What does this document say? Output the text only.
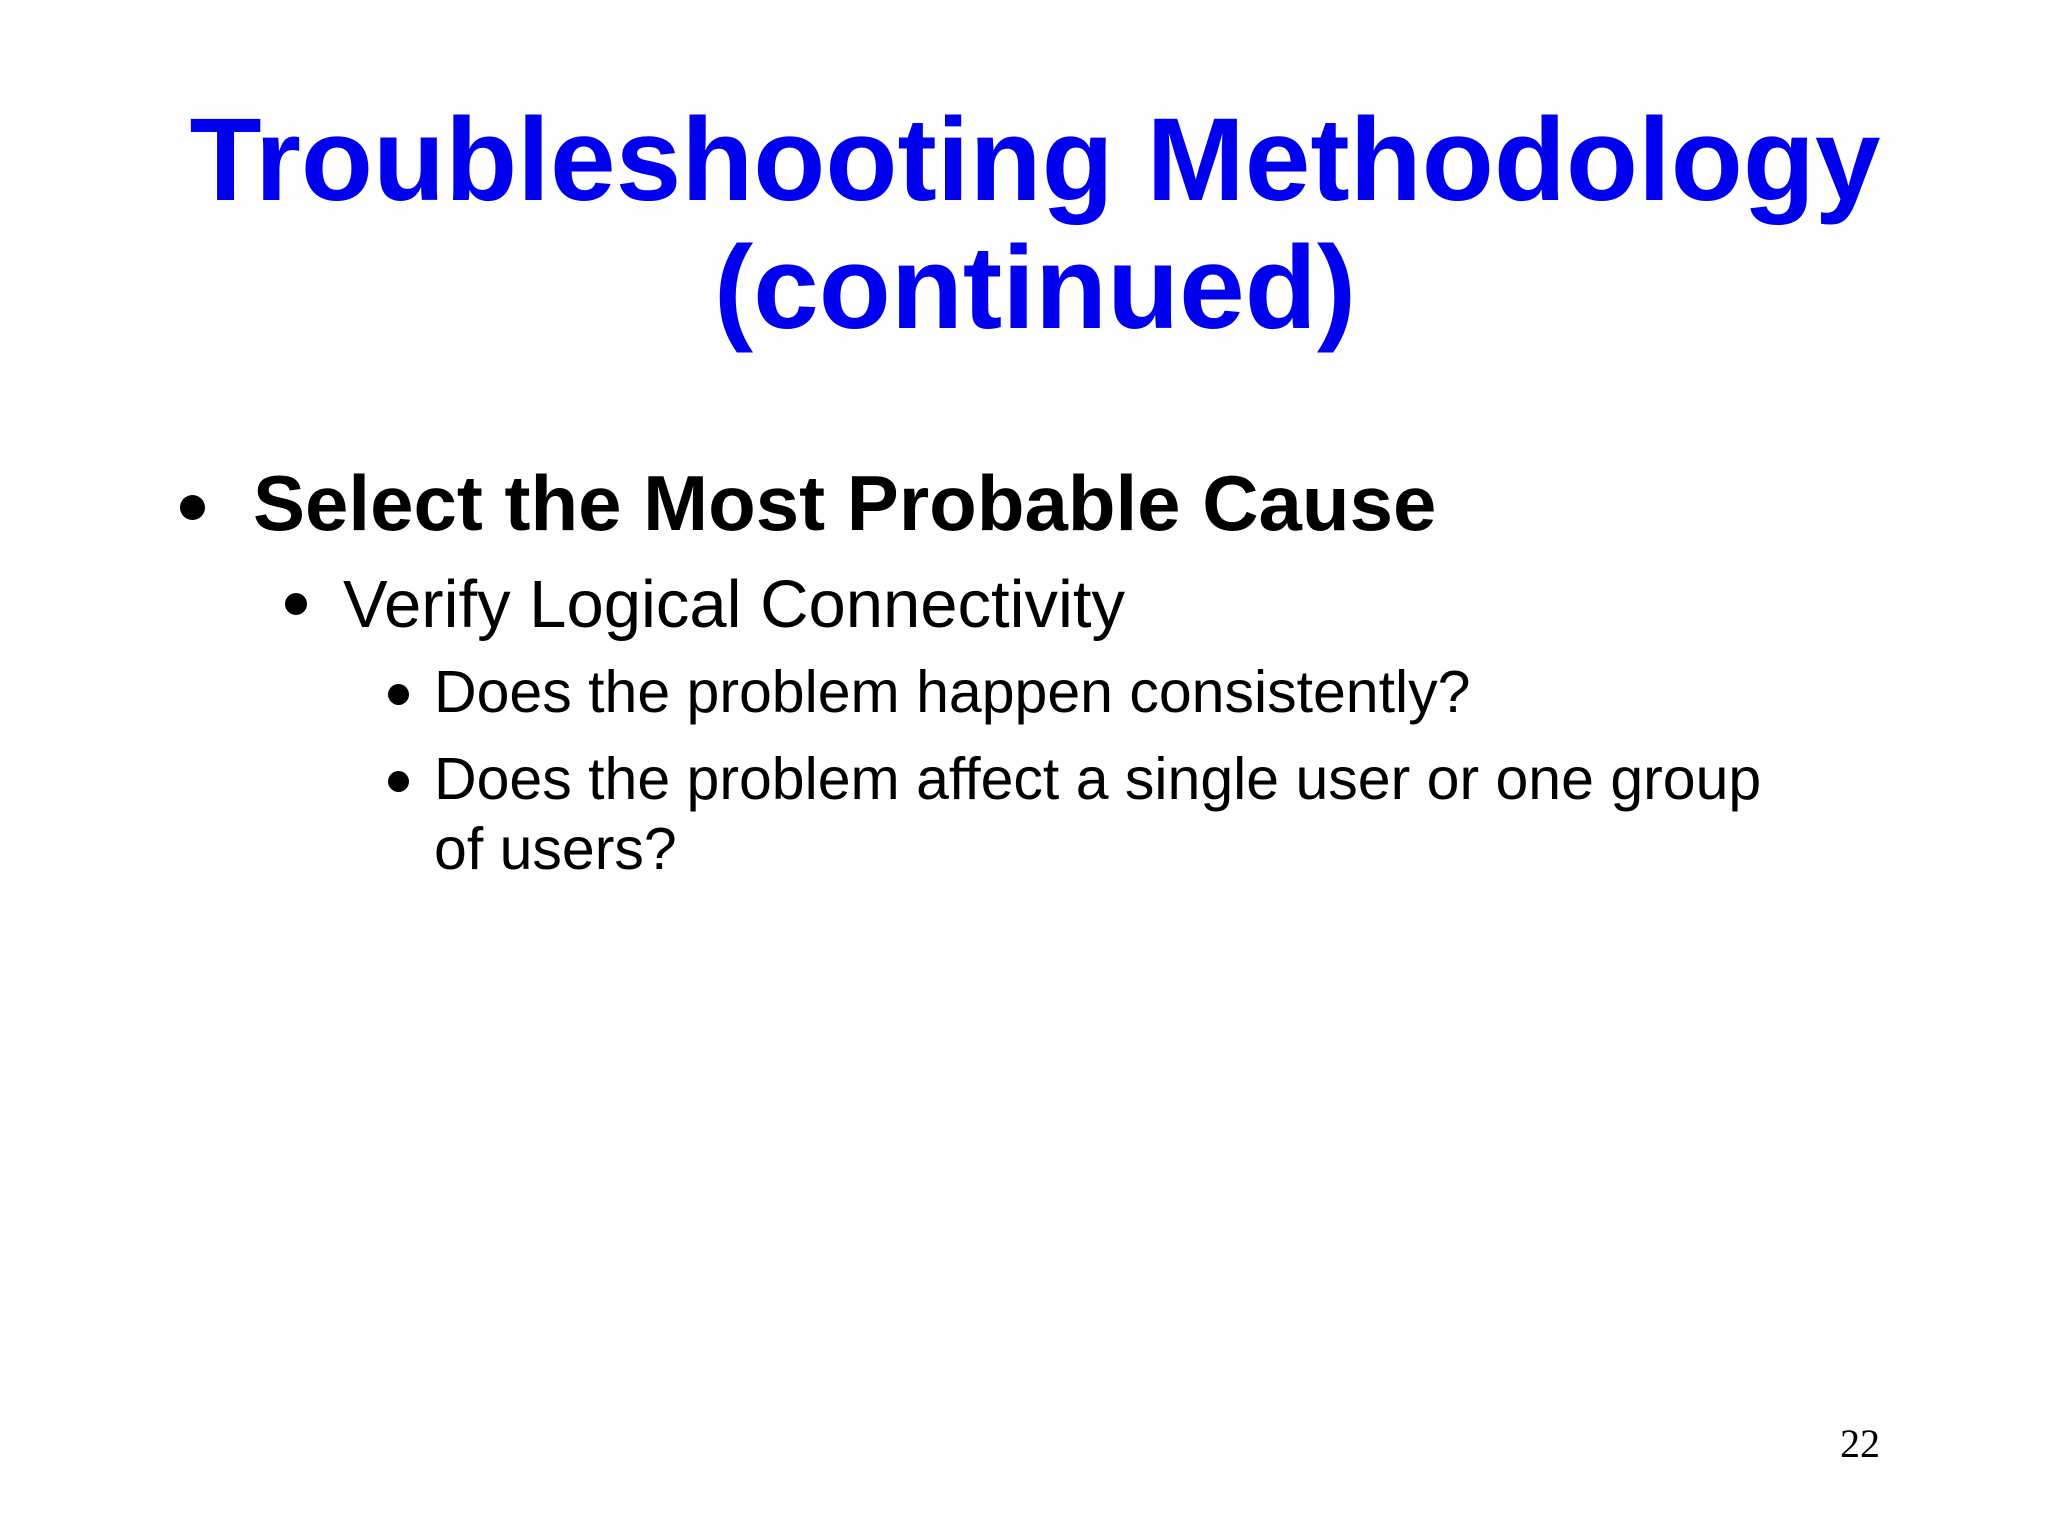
Troubleshooting Methodology
(continued)

Select the Most Probable Cause

Verify Logical Connectivity

Does the problem happen consistently?

Does the problem affect a single user or one group

of users?

22
